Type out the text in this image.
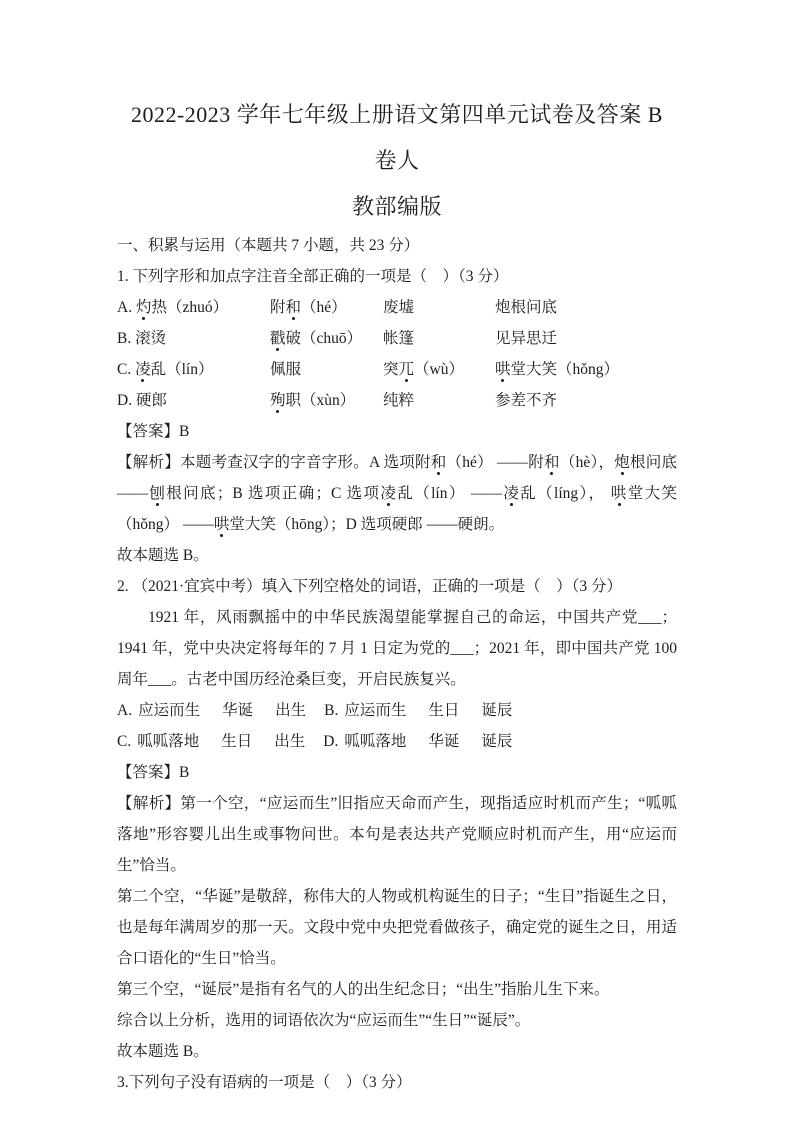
2022-2023 学年七年级上册语文第四单元试卷及答案 B 卷人
教部编版
一、积累与运用（本题共 7 小题，共 23 分）
1. 下列字形和加点字注音全部正确的一项是（　）（3 分）
A. 灼热（zhuó）	附和（hé）	废墟	炮根问底
B. 滚烫	戳破（chuō）	帐篷	见异思迁
C. 凌乱（lín）	佩服	突兀（wù）	哄堂大笑（hǒng）
D. 硬郎	殉职（xùn）	纯粹	参差不齐
【答案】B
【解析】本题考查汉字的字音字形。A 选项附和（hé） ——附和（hè），炮根问底——刨根问底；B 选项正确；C 选项凌乱（lín） ——凌乱（líng）， 哄堂大笑（hǒng） ——哄堂大笑（hōng）；D 选项硬郎 ——硬朗。
故本题选 B。
2. （2021·宜宾中考）填入下列空格处的词语，正确的一项是（　）（3 分）
1921 年，风雨飘摇中的中华民族渴望能掌握自己的命运，中国共产党___；1941 年，党中央决定将每年的 7 月 1 日定为党的___；2021 年，即中国共产党 100 周年___。古老中国历经沧桑巨变，开启民族复兴。
A. 应运而生 华诞 出生 B. 应运而生 生日 诞辰
C. 呱呱落地 生日 出生 D. 呱呱落地 华诞 诞辰
【答案】B
【解析】第一个空，“应运而生”旧指应天命而产生，现指适应时机而产生；“呱呱落地”形容婴儿出生或事物问世。本句是表达共产党顺应时机而产生，用“应运而生”恰当。
第二个空，“华诞”是敬辞，称伟大的人物或机构诞生的日子；“生日”指诞生之日，也是每年满周岁的那一天。文段中党中央把党看做孩子，确定党的诞生之日，用适合口语化的“生日”恰当。
第三个空，“诞辰”是指有名气的人的出生纪念日；“出生”指胎儿生下来。
综合以上分析，选用的词语依次为“应运而生”“生日”“诞辰”。
故本题选 B。
3.下列句子没有语病的一项是（　）（3 分）
